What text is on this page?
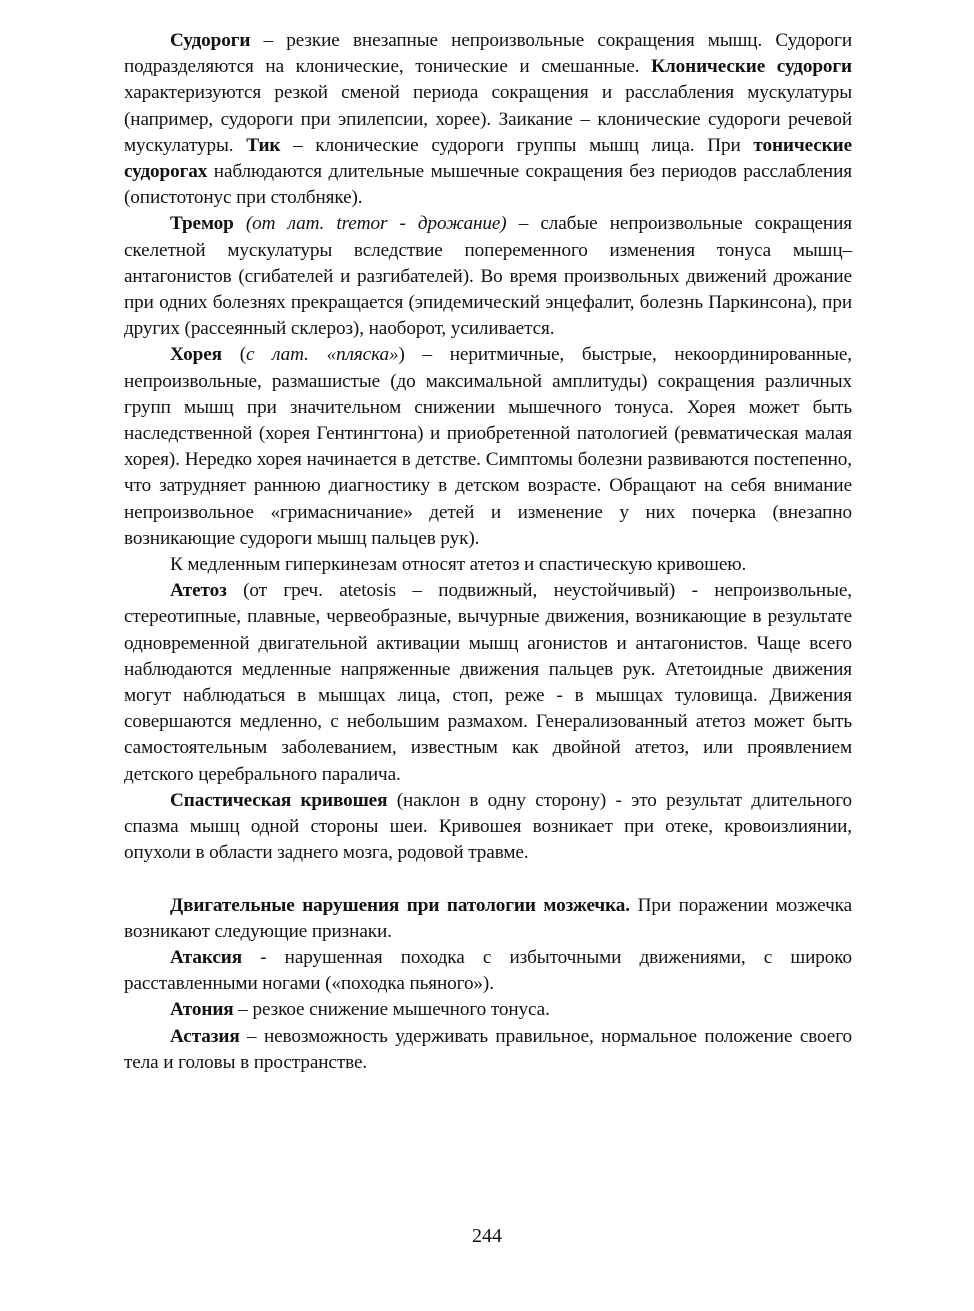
Судороги – резкие внезапные непроизвольные сокращения мышц. Судороги подразделяются на клонические, тонические и смешанные. Клонические судороги характеризуются резкой сменой периода сокращения и расслабления мускулатуры (например, судороги при эпилепсии, хорее). Заикание – клонические судороги речевой мускулатуры. Тик – клонические судороги группы мышц лица. При тонические судорогах наблюдаются длительные мышечные сокращения без периодов расслабления (опистотонус при столбняке).

Тремор (от лат. tremor - дрожание) – слабые непроизвольные сокращения скелетной мускулатуры вследствие попеременного изменения тонуса мышц–антагонистов (сгибателей и разгибателей). Во время произвольных движений дрожание при одних болезнях прекращается (эпидемический энцефалит, болезнь Паркинсона), при других (рассеянный склероз), наоборот, усиливается.

Хорея (с лат. «пляска») – неритмичные, быстрые, некоординированные, непроизвольные, размашистые (до максимальной амплитуды) сокращения различных групп мышц при значительном снижении мышечного тонуса. Хорея может быть наследственной (хорея Гентингтона) и приобретенной патологией (ревматическая малая хорея). Нередко хорея начинается в детстве. Симптомы болезни развиваются постепенно, что затрудняет раннюю диагностику в детском возрасте. Обращают на себя внимание непроизвольное «гримасничание» детей и изменение у них почерка (внезапно возникающие судороги мышц пальцев рук).

К медленным гиперкинезам относят атетоз и спастическую кривошею.

Атетоз (от греч. atetosis – подвижный, неустойчивый) - непроизвольные, стереотипные, плавные, червеобразные, вычурные движения, возникающие в результате одновременной двигательной активации мышц агонистов и антагонистов. Чаще всего наблюдаются медленные напряженные движения пальцев рук. Атетоидные движения могут наблюдаться в мышцах лица, стоп, реже - в мышцах туловища. Движения совершаются медленно, с небольшим размахом. Генерализованный атетоз может быть самостоятельным заболеванием, известным как двойной атетоз, или проявлением детского церебрального паралича.

Спастическая кривошея (наклон в одну сторону) - это результат длительного спазма мышц одной стороны шеи. Кривошея возникает при отеке, кровоизлиянии, опухоли в области заднего мозга, родовой травме.

Двигательные нарушения при патологии мозжечка. При поражении мозжечка возникают следующие признаки.

Атаксия - нарушенная походка с избыточными движениями, с широко расставленными ногами («походка пьяного»).

Атония – резкое снижение мышечного тонуса.

Астазия – невозможность удерживать правильное, нормальное положение своего тела и головы в пространстве.

244
